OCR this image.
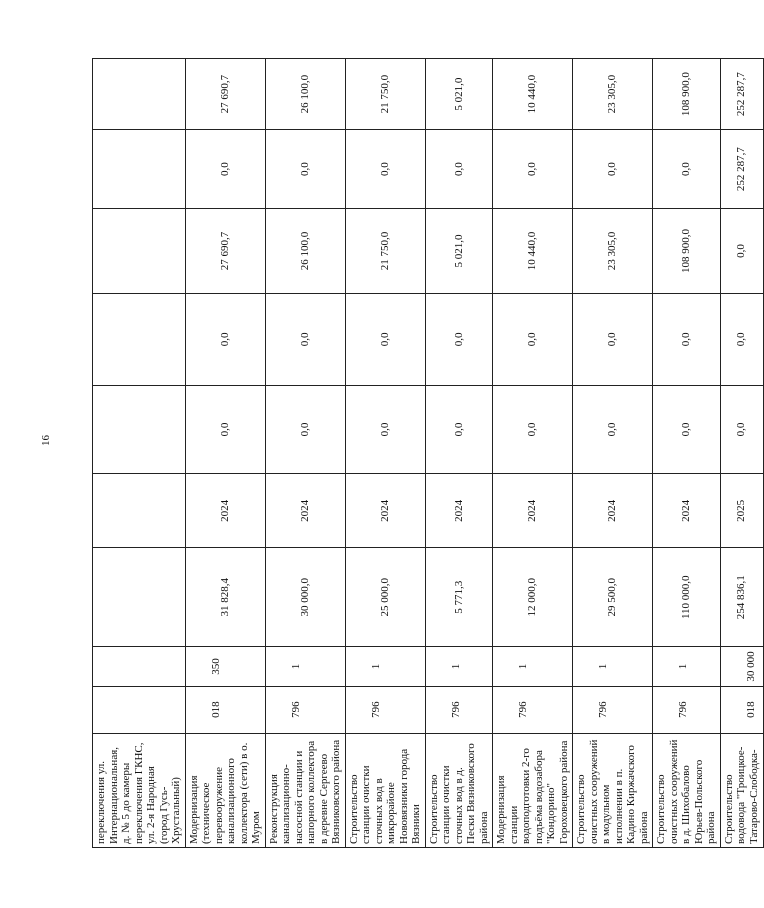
16
переключения ул. Интернациональная, д. № 5 до камеры переключения ГКНС, ул. 2-я Народная (город Гусь-Хрустальный)									
Модернизация (техническое перевооружение канализационного коллектора (сети) в о. Муром	018	350	31 828,4	2024	0,0	0,0	27 690,7	0,0	27 690,7
Реконструкция канализационно-насосной станции и напорного коллектора в деревне Сергеево Вязниковского района	796	1	30 000,0	2024	0,0	0,0	26 100,0	0,0	26 100,0
Строительство станции очистки сточных вод в микрорайоне Нововязники города Вязники	796	1	25 000,0	2024	0,0	0,0	21 750,0	0,0	21 750,0
Строительство станции очистки сточных вод в д. Пески Вязниковского района	796	1	5 771,3	2024	0,0	0,0	5 021,0	0,0	5 021,0
Модернизация станции водоподготовки 2-го подъёма водозабора "Кондорино" Гороховецкого района	796	1	12 000,0	2024	0,0	0,0	10 440,0	0,0	10 440,0
Строительство очистных сооружений в модульном исполнении в п. Кадино Киржачского района	796	1	29 500,0	2024	0,0	0,0	23 305,0	0,0	23 305,0
Строительство очистных сооружений в д. Шихобалово Юрьев-Польского района	796	1	110 000,0	2024	0,0	0,0	108 900,0	0,0	108 900,0
Строительство водовода "Троицкое-Татарово-Слободка-	018	30 000	254 836,1	2025	0,0	0,0	0,0	252 287,7	252 287,7
